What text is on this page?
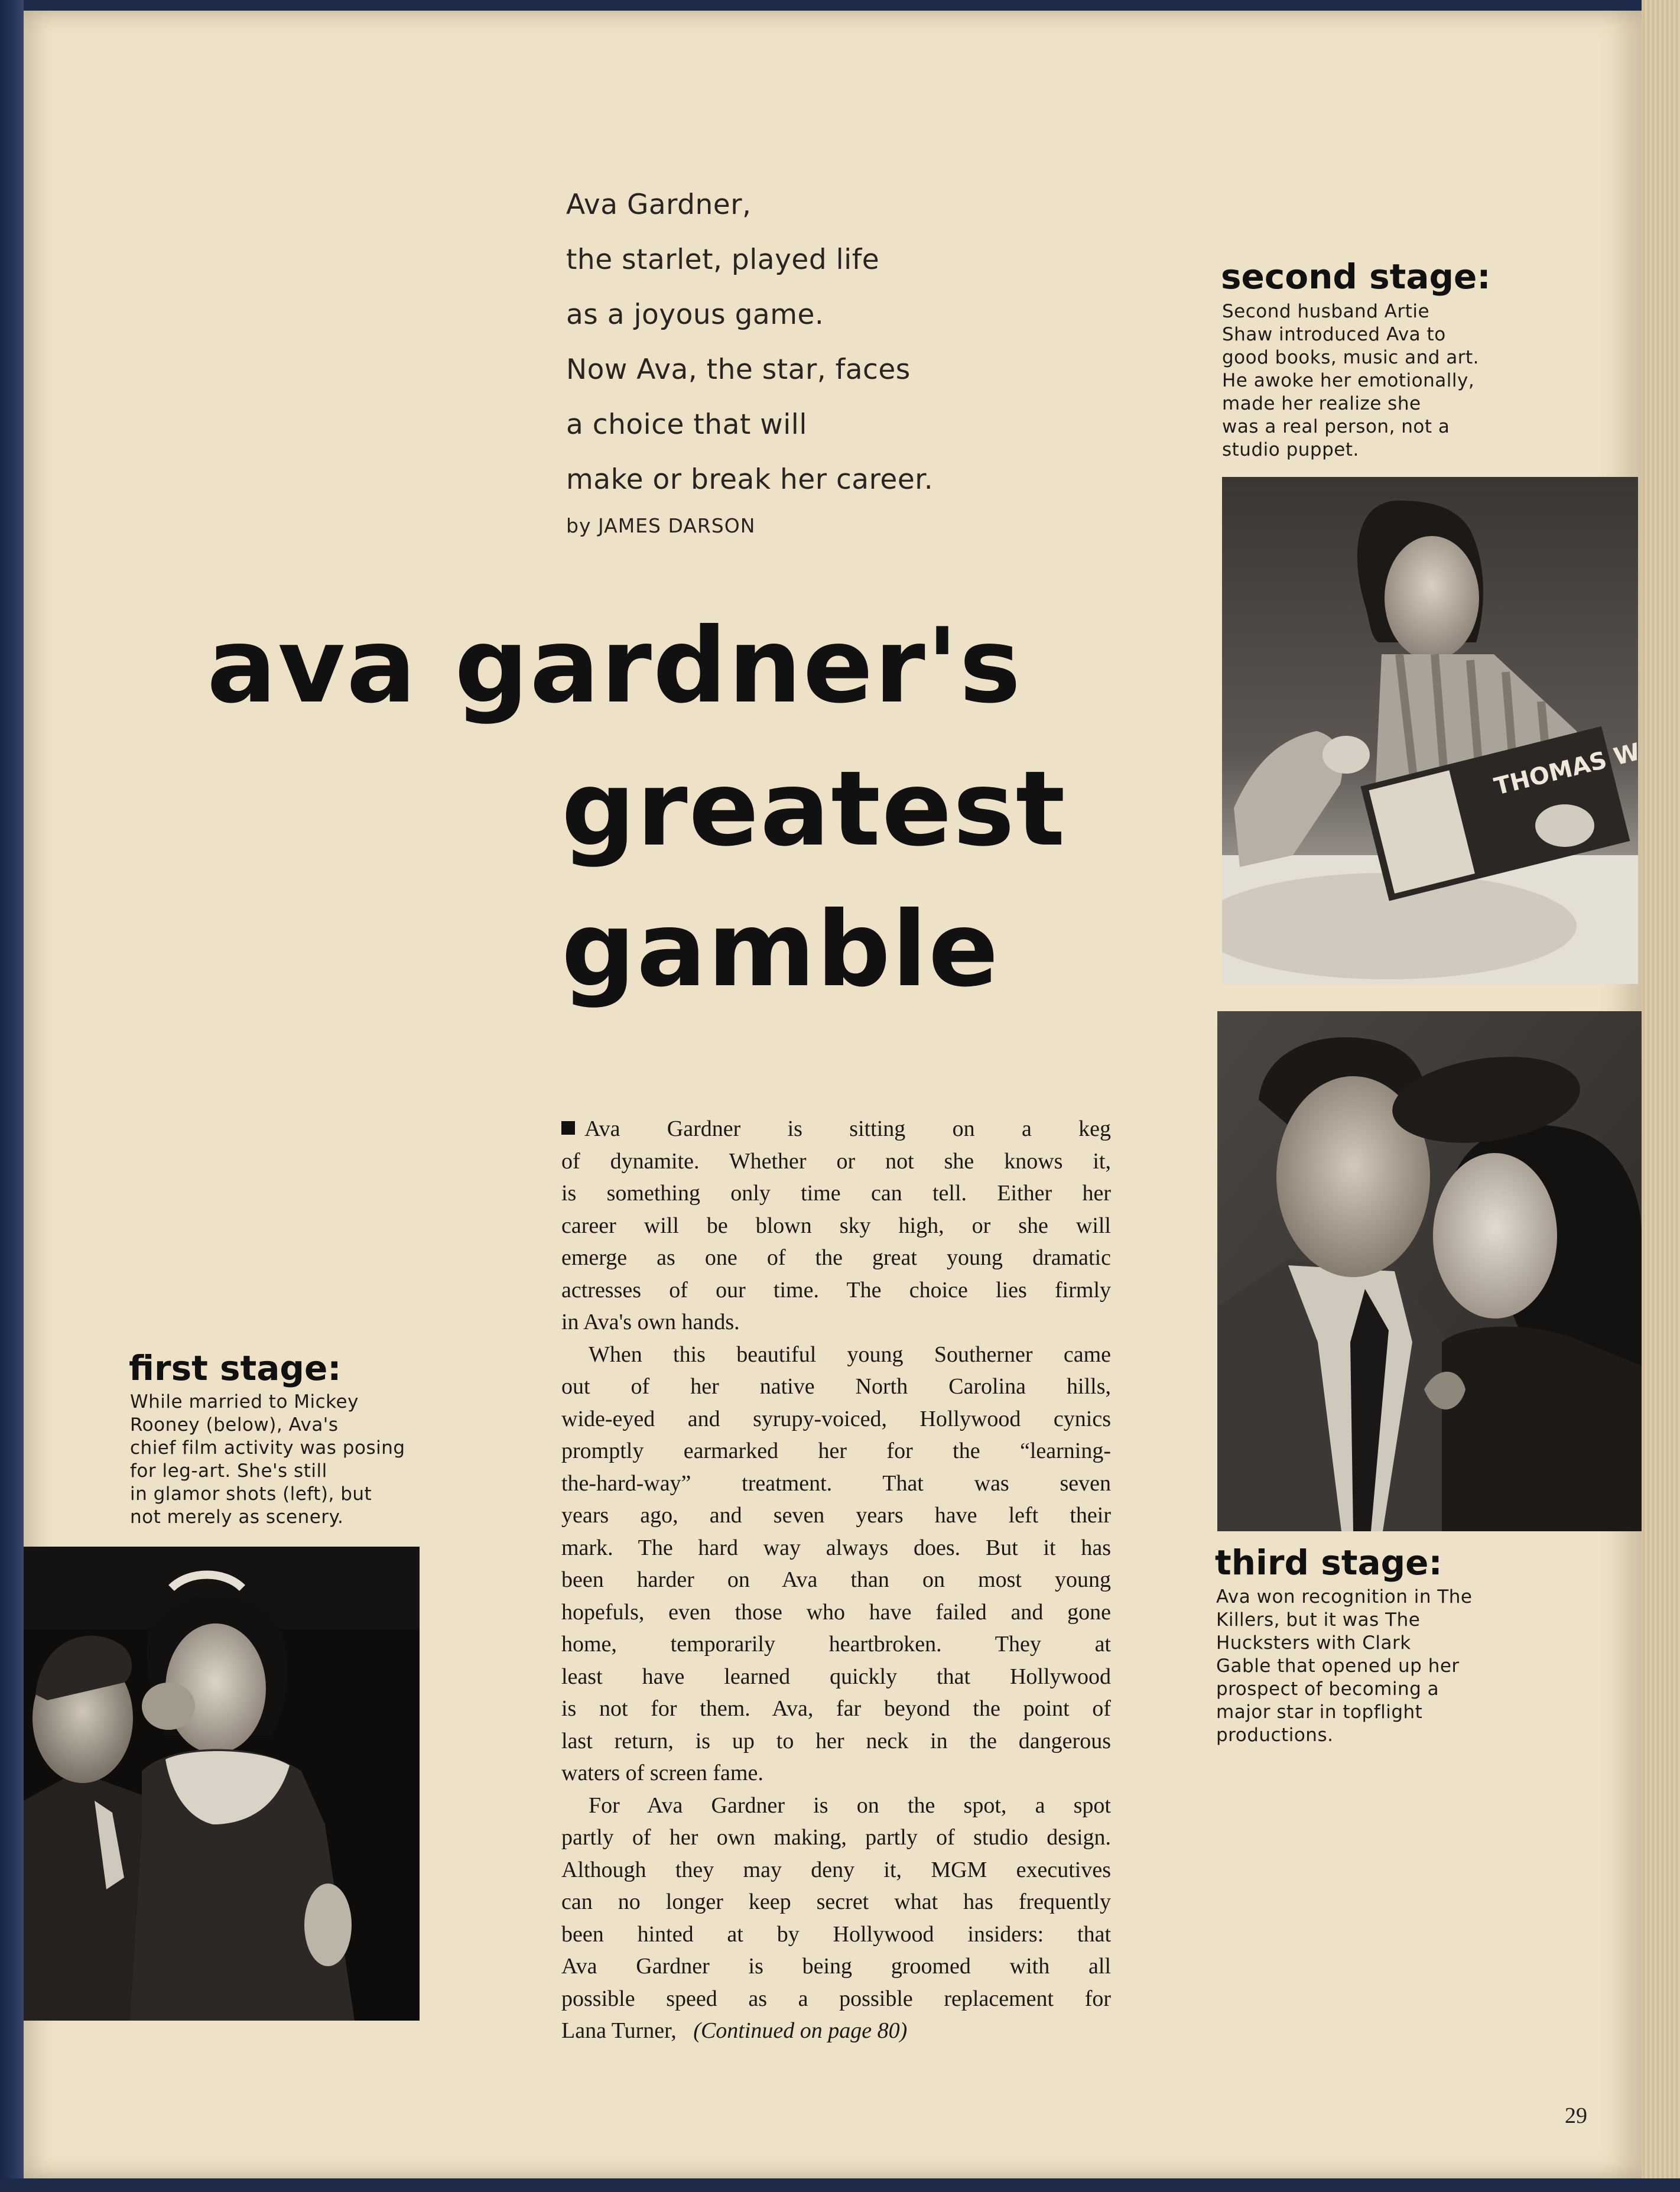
Ava Gardner,
the starlet, played life
as a joyous game.
Now Ava, the star, faces
a choice that will
make or break her career.
by JAMES DARSON
ava gardner's
greatest
gamble
second stage:
Second husband Artie
Shaw introduced Ava to
good books, music and art.
He awoke her emotionally,
made her realize she
was a real person, not a
studio puppet.
third stage:
Ava won recognition in The
Killers, but it was The
Hucksters with Clark
Gable that opened up her
prospect of becoming a
major star in topflight
productions.
first stage:
While married to Mickey
Rooney (below), Ava's
chief film activity was posing
for leg-art. She's still
in glamor shots (left), but
not merely as scenery.
Ava Gardner is sitting on a keg
of dynamite. Whether or not she knows it,
is something only time can tell. Either her
career will be blown sky high, or she will
emerge as one of the great young dramatic
actresses of our time. The choice lies firmly
in Ava's own hands.
When this beautiful young Southerner came
out of her native North Carolina hills,
wide-eyed and syrupy-voiced, Hollywood cynics
promptly earmarked her for the “learning-
the-hard-way” treatment. That was seven
years ago, and seven years have left their
mark. The hard way always does. But it has
been harder on Ava than on most young
hopefuls, even those who have failed and gone
home, temporarily heartbroken. They at
least have learned quickly that Hollywood
is not for them. Ava, far beyond the point of
last return, is up to her neck in the dangerous
waters of screen fame.
For Ava Gardner is on the spot, a spot
partly of her own making, partly of studio design.
Although they may deny it, MGM executives
can no longer keep secret what has frequently
been hinted at by Hollywood insiders: that
Ava Gardner is being groomed with all
possible speed as a possible replacement for
Lana Turner, (Continued on page 80)
29
